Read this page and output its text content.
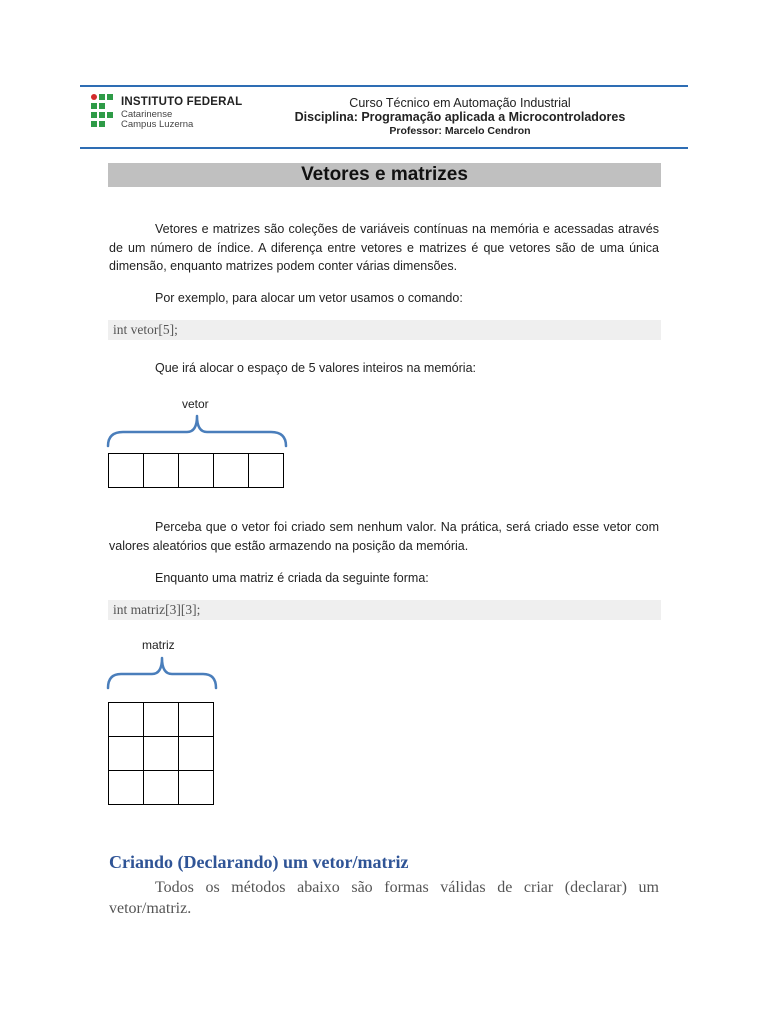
INSTITUTO FEDERAL
Catarinense
Campus Luzerna
Curso Técnico em Automação Industrial
Disciplina: Programação aplicada a Microcontroladores
Professor: Marcelo Cendron
Vetores e matrizes
Vetores e matrizes são coleções de variáveis contínuas na memória e acessadas através de um número de índice. A diferença entre vetores e matrizes é que vetores são de uma única dimensão, enquanto matrizes podem conter várias dimensões.
Por exemplo, para alocar um vetor usamos o comando:
int vetor[5];
Que irá alocar o espaço de 5 valores inteiros na memória:
vetor

Perceba que o vetor foi criado sem nenhum valor. Na prática, será criado esse vetor com valores aleatórios que estão armazendo na posição da memória.
Enquanto uma matriz é criada da seguinte forma:
int matriz[3][3];
matriz

Criando (Declarando) um vetor/matriz
Todos os métodos abaixo são formas válidas de criar (declarar) um vetor/matriz.
